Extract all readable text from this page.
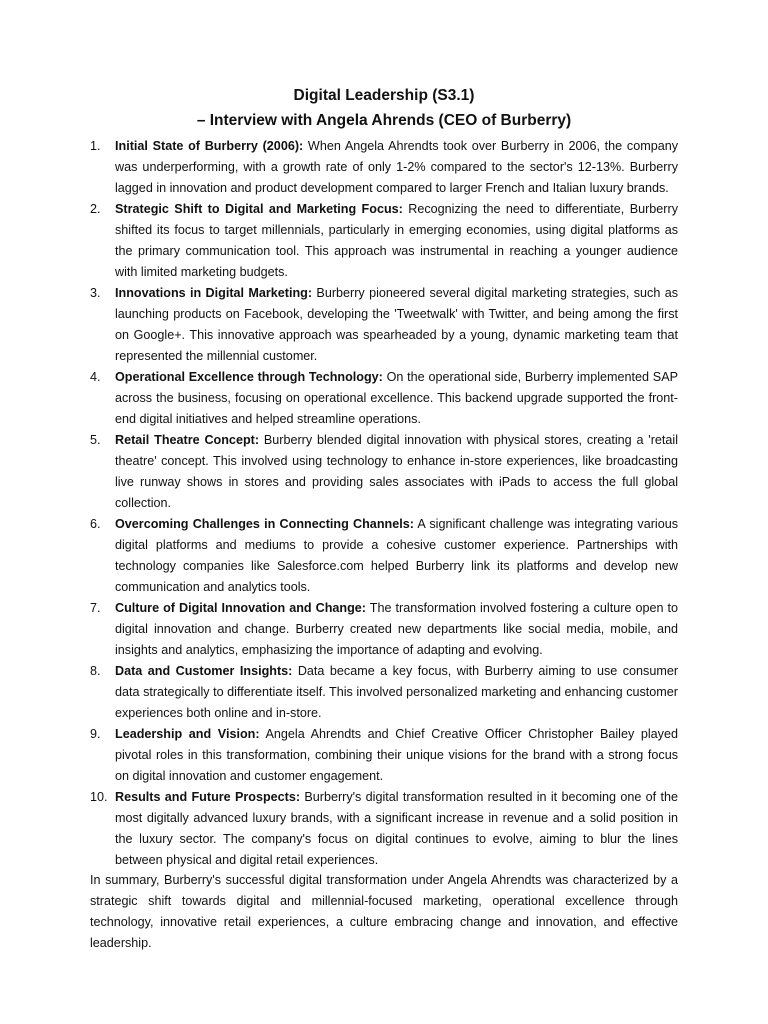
Digital Leadership (S3.1)
– Interview with Angela Ahrends (CEO of Burberry)
1. Initial State of Burberry (2006): When Angela Ahrendts took over Burberry in 2006, the company was underperforming, with a growth rate of only 1-2% compared to the sector's 12-13%. Burberry lagged in innovation and product development compared to larger French and Italian luxury brands.
2. Strategic Shift to Digital and Marketing Focus: Recognizing the need to differentiate, Burberry shifted its focus to target millennials, particularly in emerging economies, using digital platforms as the primary communication tool. This approach was instrumental in reaching a younger audience with limited marketing budgets.
3. Innovations in Digital Marketing: Burberry pioneered several digital marketing strategies, such as launching products on Facebook, developing the 'Tweetwalk' with Twitter, and being among the first on Google+. This innovative approach was spearheaded by a young, dynamic marketing team that represented the millennial customer.
4. Operational Excellence through Technology: On the operational side, Burberry implemented SAP across the business, focusing on operational excellence. This backend upgrade supported the front-end digital initiatives and helped streamline operations.
5. Retail Theatre Concept: Burberry blended digital innovation with physical stores, creating a 'retail theatre' concept. This involved using technology to enhance in-store experiences, like broadcasting live runway shows in stores and providing sales associates with iPads to access the full global collection.
6. Overcoming Challenges in Connecting Channels: A significant challenge was integrating various digital platforms and mediums to provide a cohesive customer experience. Partnerships with technology companies like Salesforce.com helped Burberry link its platforms and develop new communication and analytics tools.
7. Culture of Digital Innovation and Change: The transformation involved fostering a culture open to digital innovation and change. Burberry created new departments like social media, mobile, and insights and analytics, emphasizing the importance of adapting and evolving.
8. Data and Customer Insights: Data became a key focus, with Burberry aiming to use consumer data strategically to differentiate itself. This involved personalized marketing and enhancing customer experiences both online and in-store.
9. Leadership and Vision: Angela Ahrendts and Chief Creative Officer Christopher Bailey played pivotal roles in this transformation, combining their unique visions for the brand with a strong focus on digital innovation and customer engagement.
10. Results and Future Prospects: Burberry's digital transformation resulted in it becoming one of the most digitally advanced luxury brands, with a significant increase in revenue and a solid position in the luxury sector. The company's focus on digital continues to evolve, aiming to blur the lines between physical and digital retail experiences.

In summary, Burberry's successful digital transformation under Angela Ahrendts was characterized by a strategic shift towards digital and millennial-focused marketing, operational excellence through technology, innovative retail experiences, a culture embracing change and innovation, and effective leadership.
